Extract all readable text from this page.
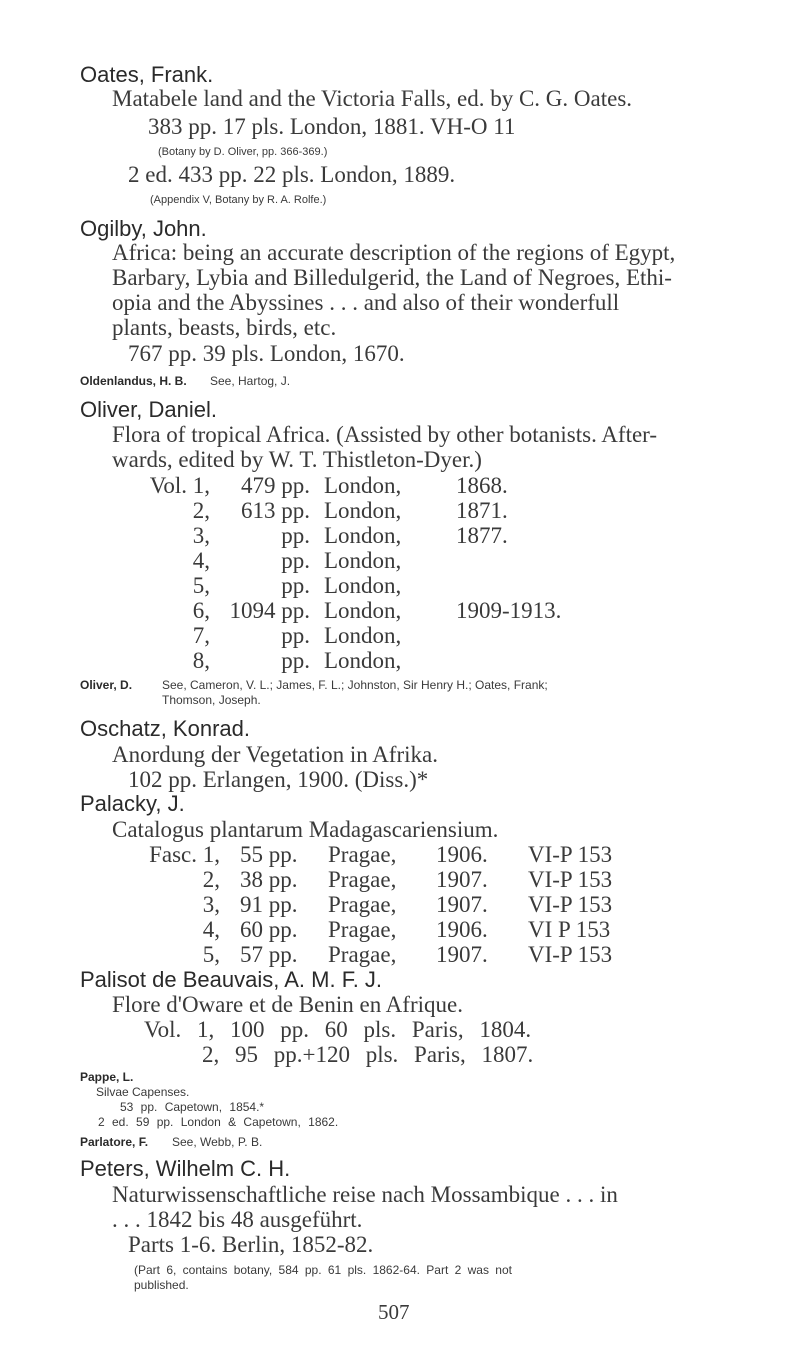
Oates, Frank.
Matabele land and the Victoria Falls, ed. by C. G. Oates.
383 pp. 17 pls. London, 1881. VH-O 11
(Botany by D. Oliver, pp. 366-369.)
2 ed. 433 pp. 22 pls. London, 1889.
(Appendix V, Botany by R. A. Rolfe.)
Ogilby, John.
Africa: being an accurate description of the regions of Egypt,
Barbary, Lybia and Billedulgerid, the Land of Negroes, Ethi-
opia and the Abyssines . . . and also of their wonderfull
plants, beasts, birds, etc.
767 pp. 39 pls. London, 1670.
Oldenlandus, H. B. See, Hartog, J.
Oliver, Daniel.
Flora of tropical Africa. (Assisted by other botanists. After-
wards, edited by W. T. Thistleton-Dyer.)
Vol. 1, 479 pp. London, 1868.
2, 613 pp. London, 1871.
3,	pp. London, 1877.
4,	pp. London,
5,	pp. London,
6, 1094 pp. London, 1909-1913.
7,	pp. London,
8,	pp. London,
Oliver, D. See, Cameron, V. L.; James, F. L.; Johnston, Sir Henry H.; Oates, Frank;
Thomson, Joseph.
Oschatz, Konrad.
Anordung der Vegetation in Afrika.
102 pp. Erlangen, 1900. (Diss.)*
Palacky, J.
Catalogus plantarum Madagascariensium.
Fasc. 1, 55 pp. Pragae, 1906. VI-P 153
2, 38 pp. Pragae, 1907. VI-P 153
3, 91 pp. Pragae, 1907. VI-P 153
4, 60 pp. Pragae, 1906. VI P 153
5, 57 pp. Pragae, 1907. VI-P 153
Palisot de Beauvais, A. M. F. J.
Flore d'Oware et de Benin en Afrique.
Vol. 1, 100 pp. 60 pls. Paris, 1804.
2, 95 pp.+120 pls. Paris, 1807.
Pappe, L.
Silvae Capenses.
53 pp. Capetown, 1854.*
2 ed. 59 pp. London & Capetown, 1862.
Parlatore, F. See, Webb, P. B.
Peters, Wilhelm C. H.
Naturwissenschaftliche reise nach Mossambique . . . in
. . . 1842 bis 48 ausgeführt.
Parts 1-6. Berlin, 1852-82.
(Part 6, contains botany, 584 pp. 61 pls. 1862-64. Part 2 was not
published.
507
